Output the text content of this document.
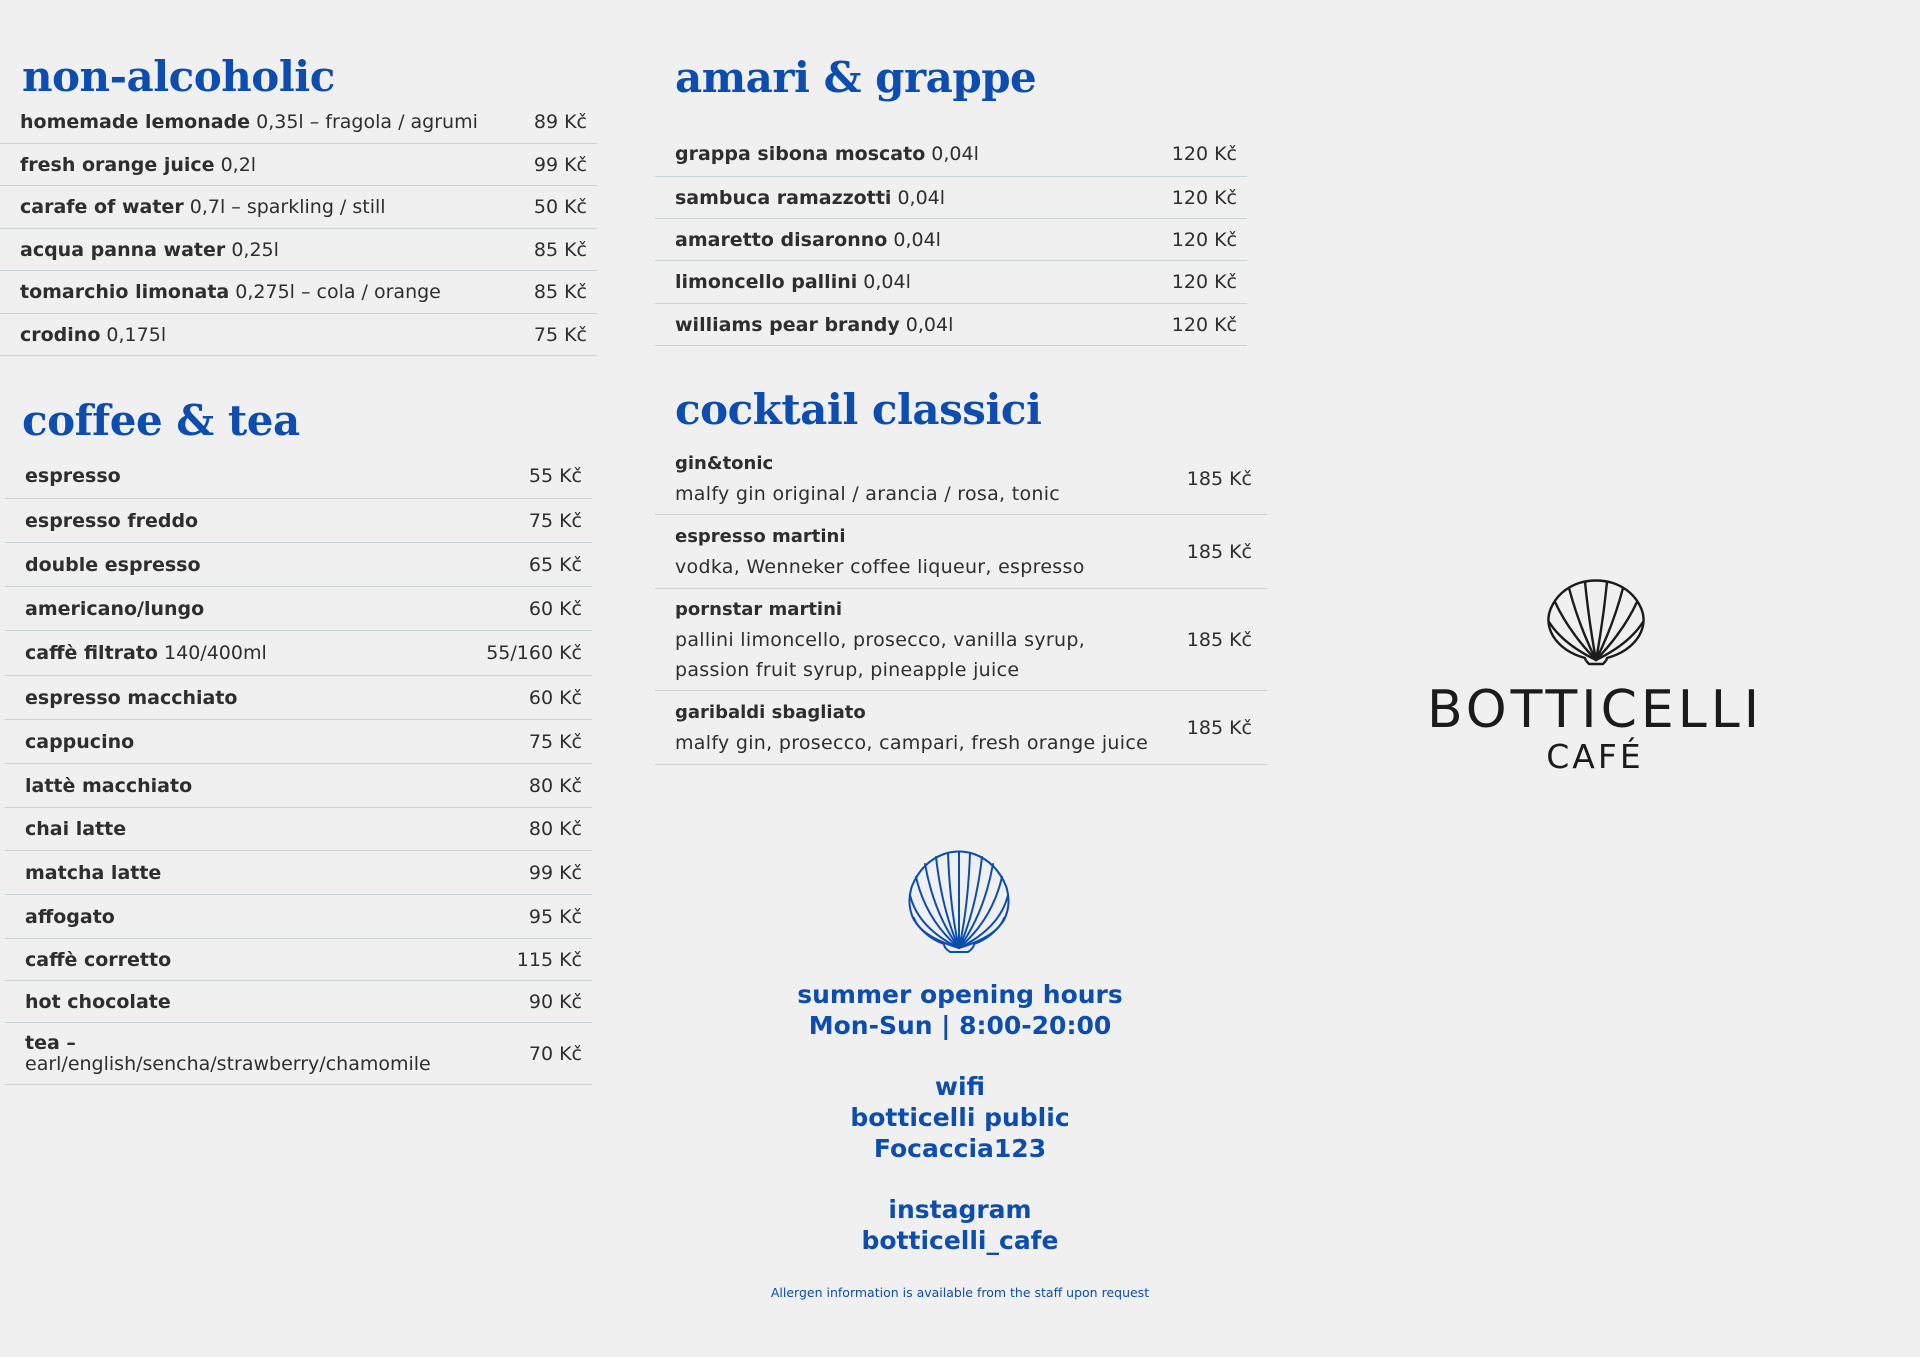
non-alcoholic
homemade lemonade 0,35l – fragola / agrumi	89 Kč
fresh orange juice 0,2l	99 Kč
carafe of water 0,7l – sparkling / still	50 Kč
acqua panna water 0,25l	85 Kč
tomarchio limonata 0,275l – cola / orange	85 Kč
crodino 0,175l	75 Kč
coffee & tea
espresso	55 Kč
espresso freddo	75 Kč
double espresso	65 Kč
americano/lungo	60 Kč
caffè filtrato 140/400ml	55/160 Kč
espresso macchiato	60 Kč
cappucino	75 Kč
lattè macchiato	80 Kč
chai latte	80 Kč
matcha latte	99 Kč
affogato	95 Kč
caffè corretto	115 Kč
hot chocolate	90 Kč
tea –
earl/english/sencha/strawberry/chamomile	70 Kč
amari & grappe
grappa sibona moscato 0,04l	120 Kč
sambuca ramazzotti 0,04l	120 Kč
amaretto disaronno 0,04l	120 Kč
limoncello pallini 0,04l	120 Kč
williams pear brandy 0,04l	120 Kč
cocktail classici
gin&tonic
malfy gin original / arancia / rosa, tonic
185 Kč
espresso martini
vodka, Wenneker coffee liqueur, espresso
185 Kč
pornstar martini
pallini limoncello, prosecco, vanilla syrup,
passion fruit syrup, pineapple juice
185 Kč
garibaldi sbagliato
malfy gin, prosecco, campari, fresh orange juice
185 Kč
summer opening hours
Mon-Sun | 8:00-20:00
wifi
botticelli public
Focaccia123
instagram
botticelli_cafe
Allergen information is available from the staff upon request
BOTTICELLI
CAFÉ
